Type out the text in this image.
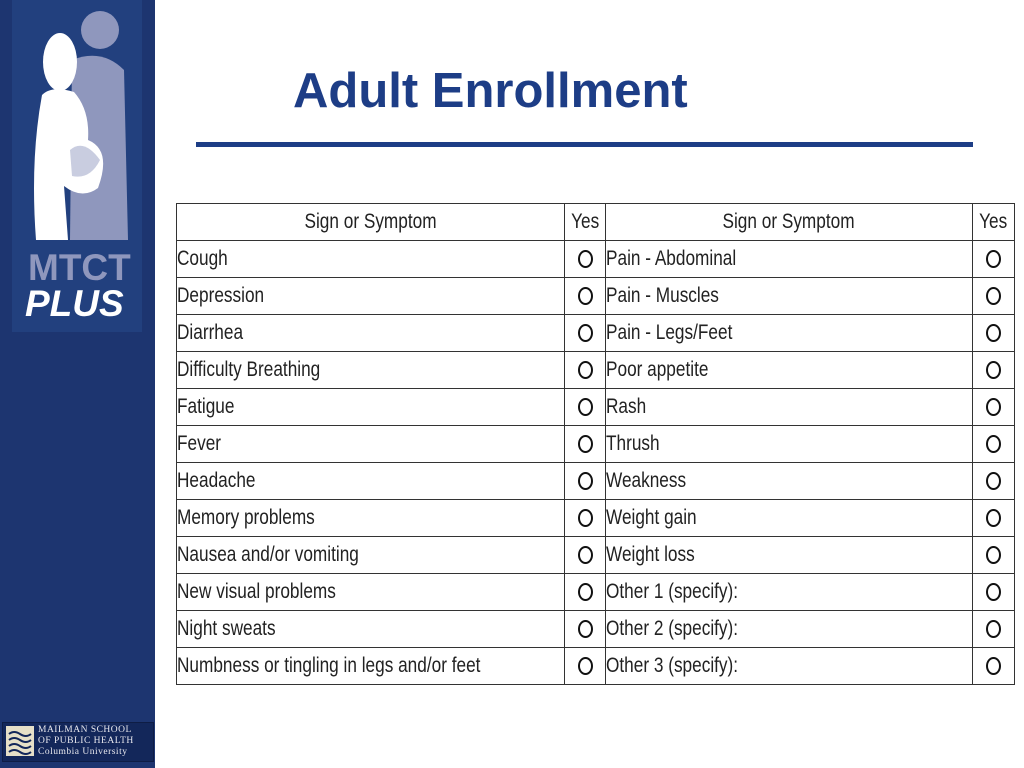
MTCT
PLUS
MAILMAN SCHOOL
OF PUBLIC HEALTH
Columbia University
Adult Enrollment
Sign or Symptom	Yes	Sign or Symptom	Yes
Cough		Pain - Abdominal	
Depression		Pain - Muscles	
Diarrhea		Pain - Legs/Feet	
Difficulty Breathing		Poor appetite	
Fatigue		Rash	
Fever		Thrush	
Headache		Weakness	
Memory problems		Weight gain	
Nausea and/or vomiting		Weight loss	
New visual problems		Other 1 (specify):	
Night sweats		Other 2 (specify):	
Numbness or tingling in legs and/or feet		Other 3 (specify):	
